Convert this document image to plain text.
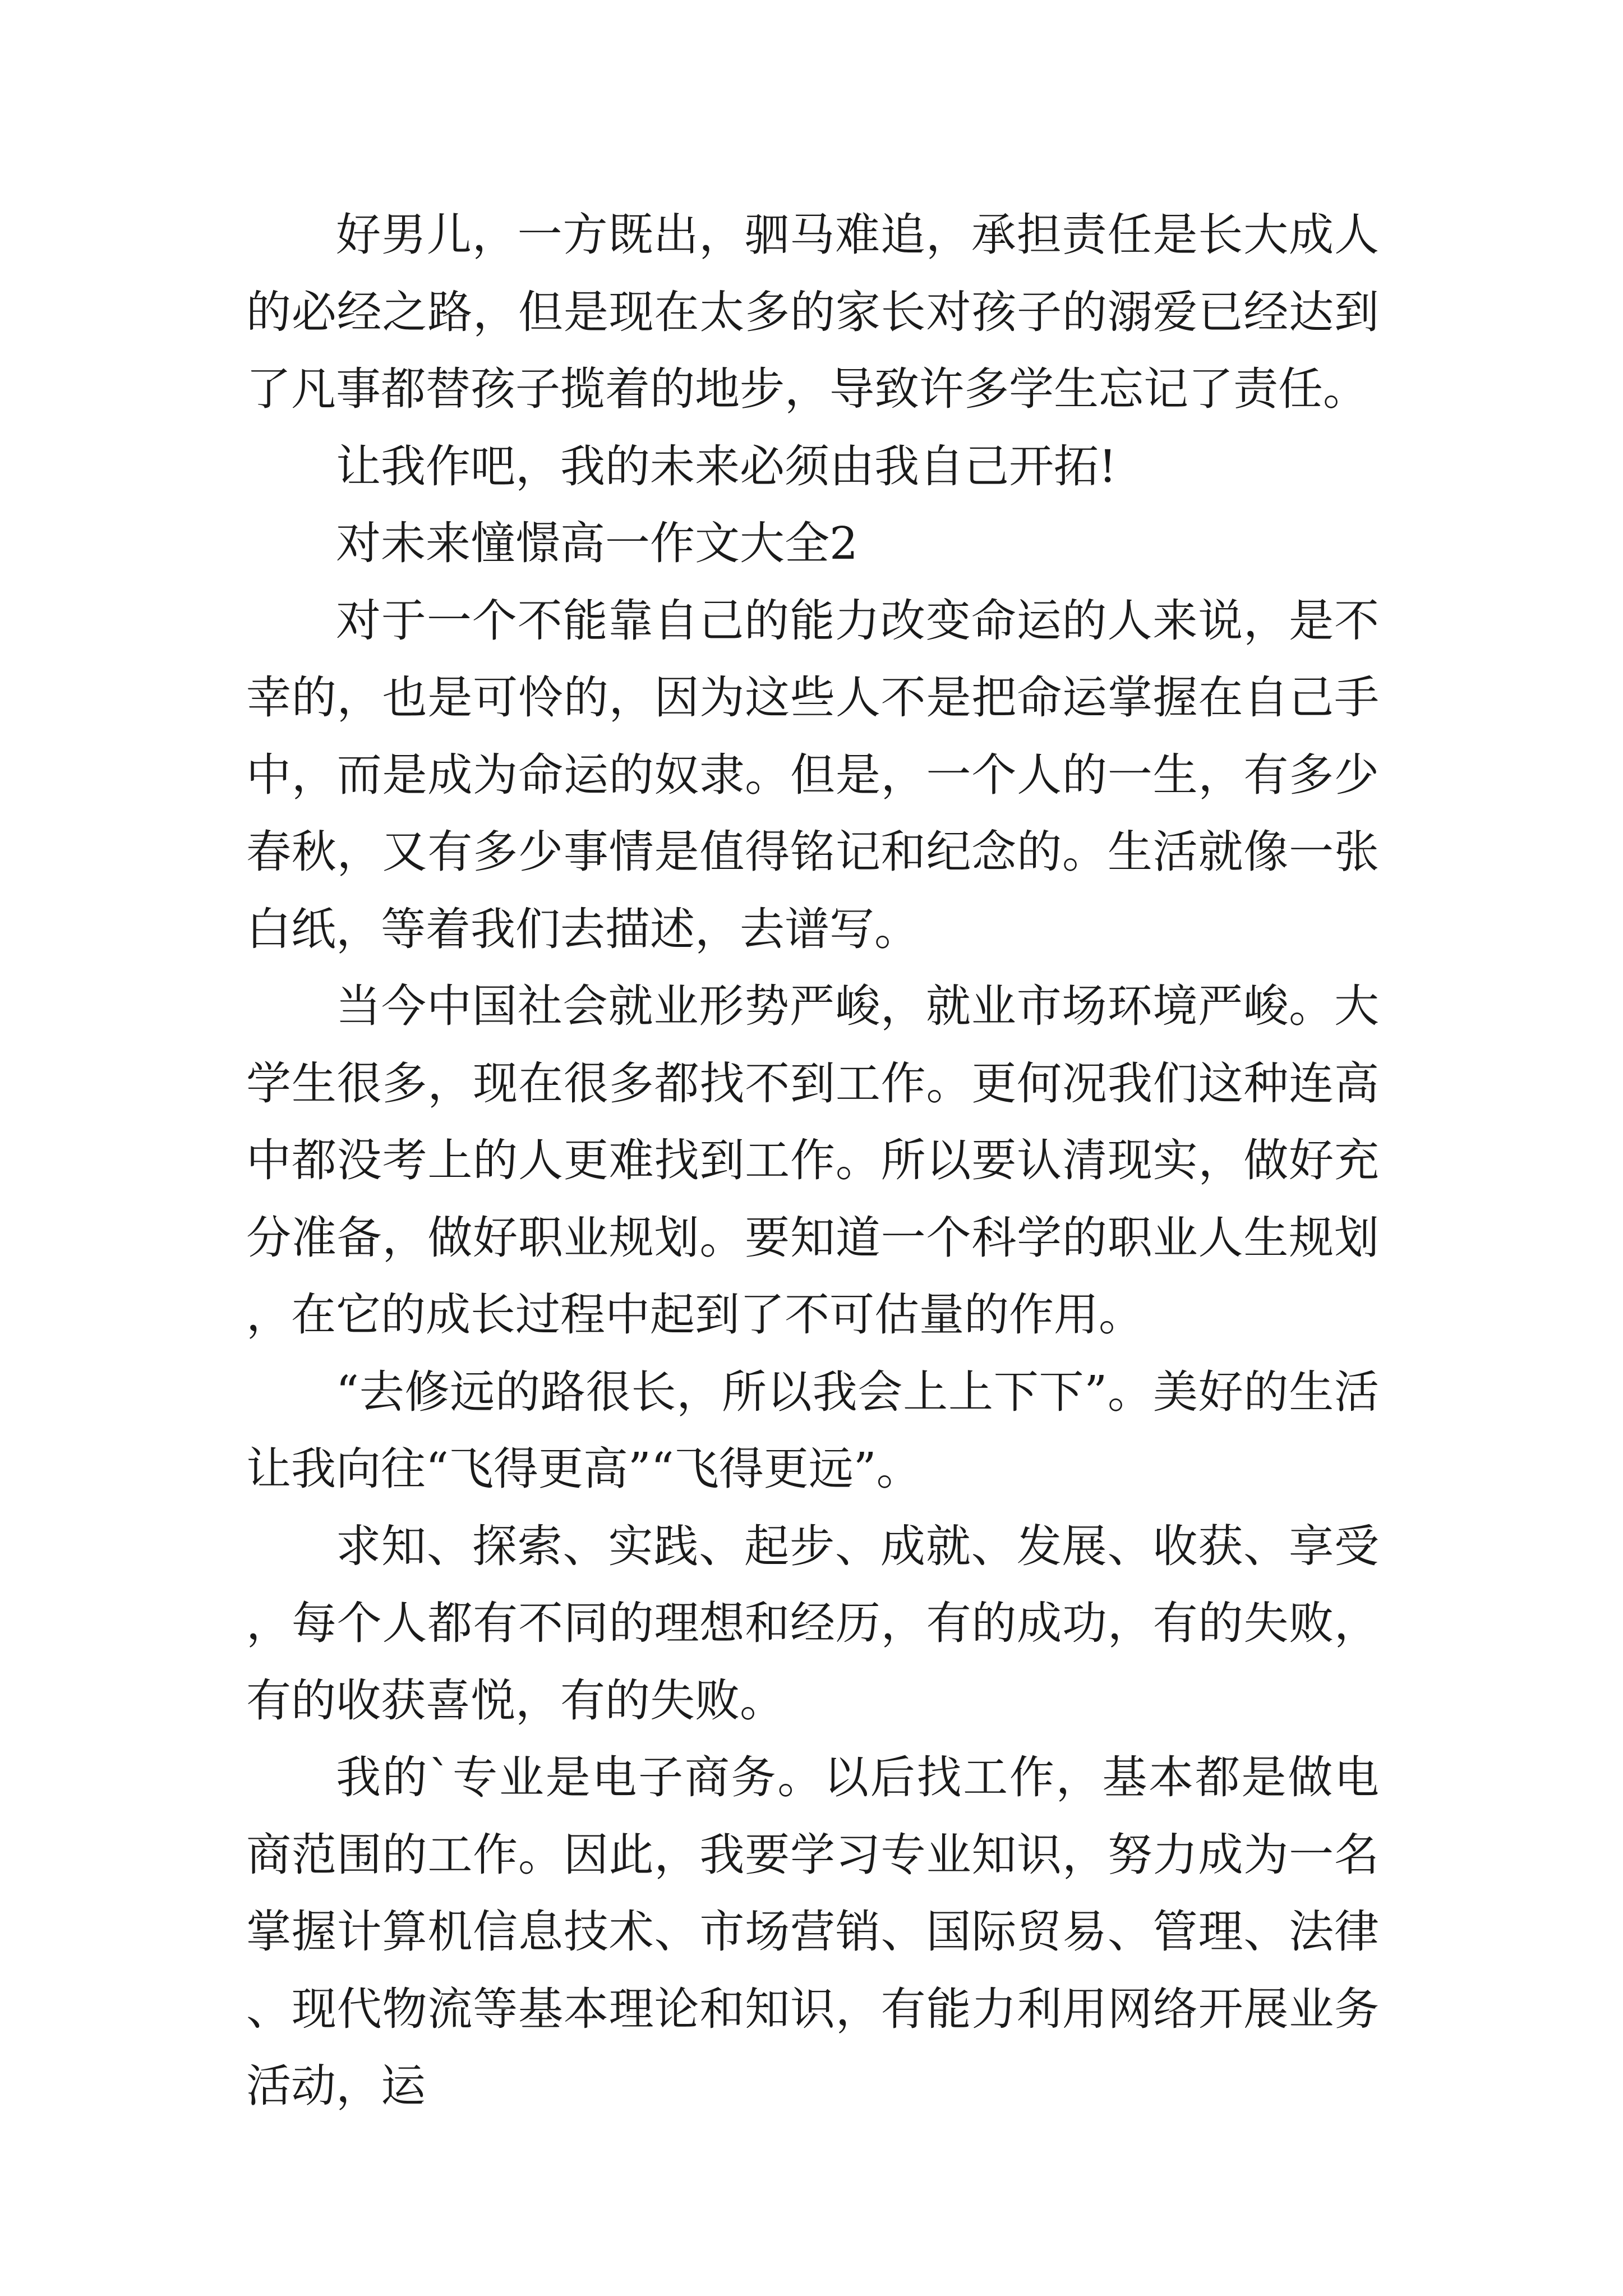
好男儿，一方既出，驷马难追，承担责任是长大成人的必经之路，但是现在太多的家长对孩子的溺爱已经达到了凡事都替孩子揽着的地步，导致许多学生忘记了责任。

让我作吧，我的未来必须由我自己开拓!

对未来憧憬高一作文大全2

对于一个不能靠自己的能力改变命运的人来说，是不幸的，也是可怜的，因为这些人不是把命运掌握在自己手中，而是成为命运的奴隶。但是，一个人的一生，有多少春秋，又有多少事情是值得铭记和纪念的。生活就像一张白纸，等着我们去描述，去谱写。

当今中国社会就业形势严峻，就业市场环境严峻。大学生很多，现在很多都找不到工作。更何况我们这种连高中都没考上的人更难找到工作。所以要认清现实，做好充分准备，做好职业规划。要知道一个科学的职业人生规划，在它的成长过程中起到了不可估量的作用。

“去修远的路很长，所以我会上上下下”。美好的生活让我向往“飞得更高”“飞得更远”。

求知、探索、实践、起步、成就、发展、收获、享受，每个人都有不同的理想和经历，有的成功，有的失败，有的收获喜悦，有的失败。

我的`专业是电子商务。以后找工作，基本都是做电商范围的工作。因此，我要学习专业知识，努力成为一名掌握计算机信息技术、市场营销、国际贸易、管理、法律、现代物流等基本理论和知识，有能力利用网络开展业务活动，运
